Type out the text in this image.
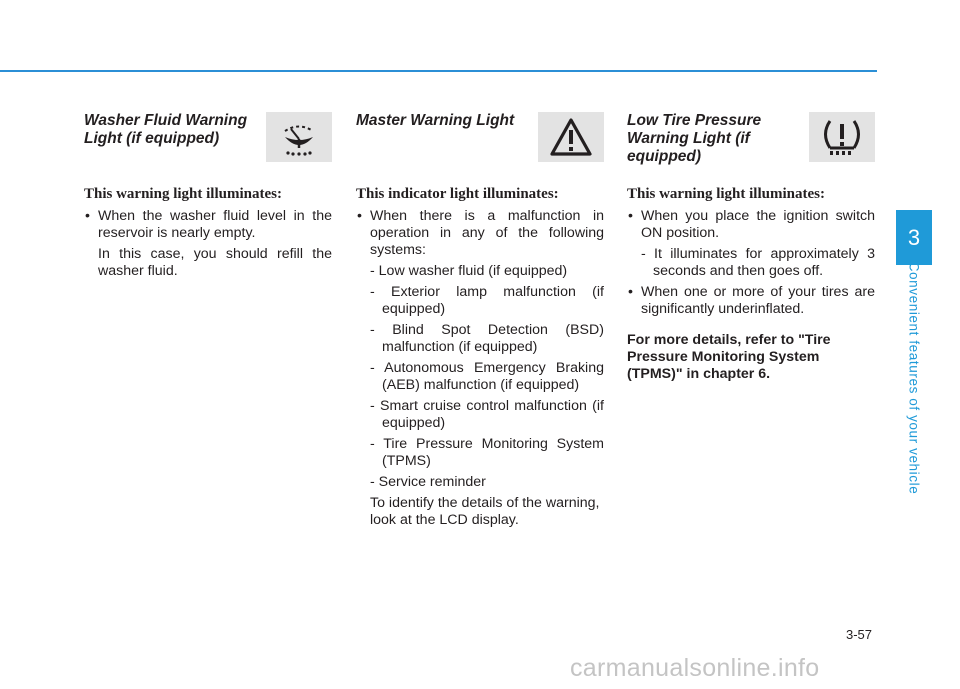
Washer Fluid Warning Light (if equipped)
This warning light illuminates:

• When the washer fluid level in the reservoir is nearly empty.

In this case, you should refill the washer fluid.

Master Warning Light
This indicator light illuminates:

• When there is a malfunction in operation in any of the following systems:

- Low washer fluid (if equipped)

- Exterior lamp malfunction (if equipped)

- Blind Spot Detection (BSD) malfunction (if equipped)

- Autonomous Emergency Braking (AEB) malfunction (if equipped)

- Smart cruise control malfunction (if equipped)

- Tire Pressure Monitoring System (TPMS)

- Service reminder

To identify the details of the warning, look at the LCD display.

Low Tire Pressure Warning Light (if equipped)
This warning light illuminates:

• When you place the ignition switch ON position.

- It illuminates for approximately 3 seconds and then goes off.

• When one or more of your tires are significantly underinflated.

For more details, refer to "Tire Pressure Monitoring System (TPMS)" in chapter 6.

3
Convenient features of your vehicle
3-57
carmanualsonline.info
